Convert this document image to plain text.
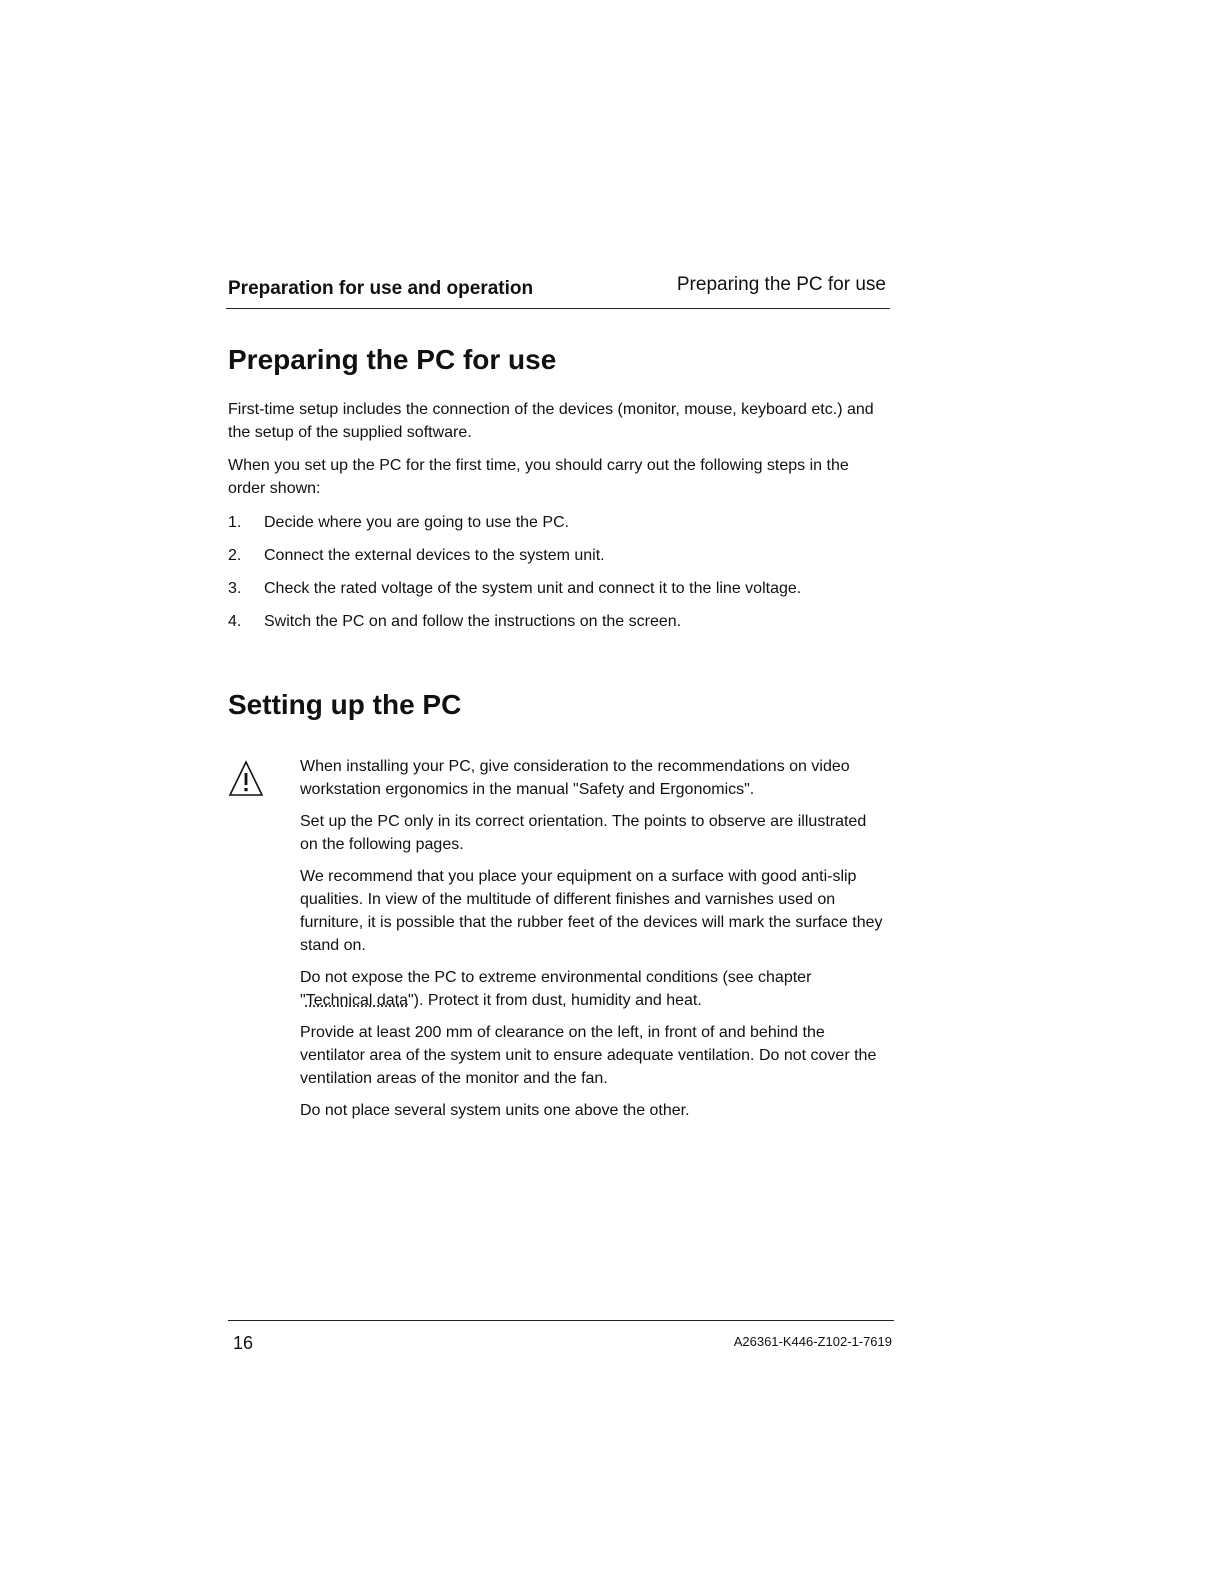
Preparation for use and operation	Preparing the PC for use
Preparing the PC for use

First-time setup includes the connection of the devices (monitor, mouse, keyboard etc.) and the setup of the supplied software.

When you set up the PC for the first time, you should carry out the following steps in the order shown:

1. Decide where you are going to use the PC.
2. Connect the external devices to the system unit.
3. Check the rated voltage of the system unit and connect it to the line voltage.
4. Switch the PC on and follow the instructions on the screen.
Setting up the PC

When installing your PC, give consideration to the recommendations on video workstation ergonomics in the manual "Safety and Ergonomics".

Set up the PC only in its correct orientation. The points to observe are illustrated on the following pages.

We recommend that you place your equipment on a surface with good anti-slip qualities. In view of the multitude of different finishes and varnishes used on furniture, it is possible that the rubber feet of the devices will mark the surface they stand on.

Do not expose the PC to extreme environmental conditions (see chapter "Technical data"). Protect it from dust, humidity and heat.

Provide at least 200 mm of clearance on the left, in front of and behind the ventilator area of the system unit to ensure adequate ventilation. Do not cover the ventilation areas of the monitor and the fan.

Do not place several system units one above the other.

16	A26361-K446-Z102-1-7619
